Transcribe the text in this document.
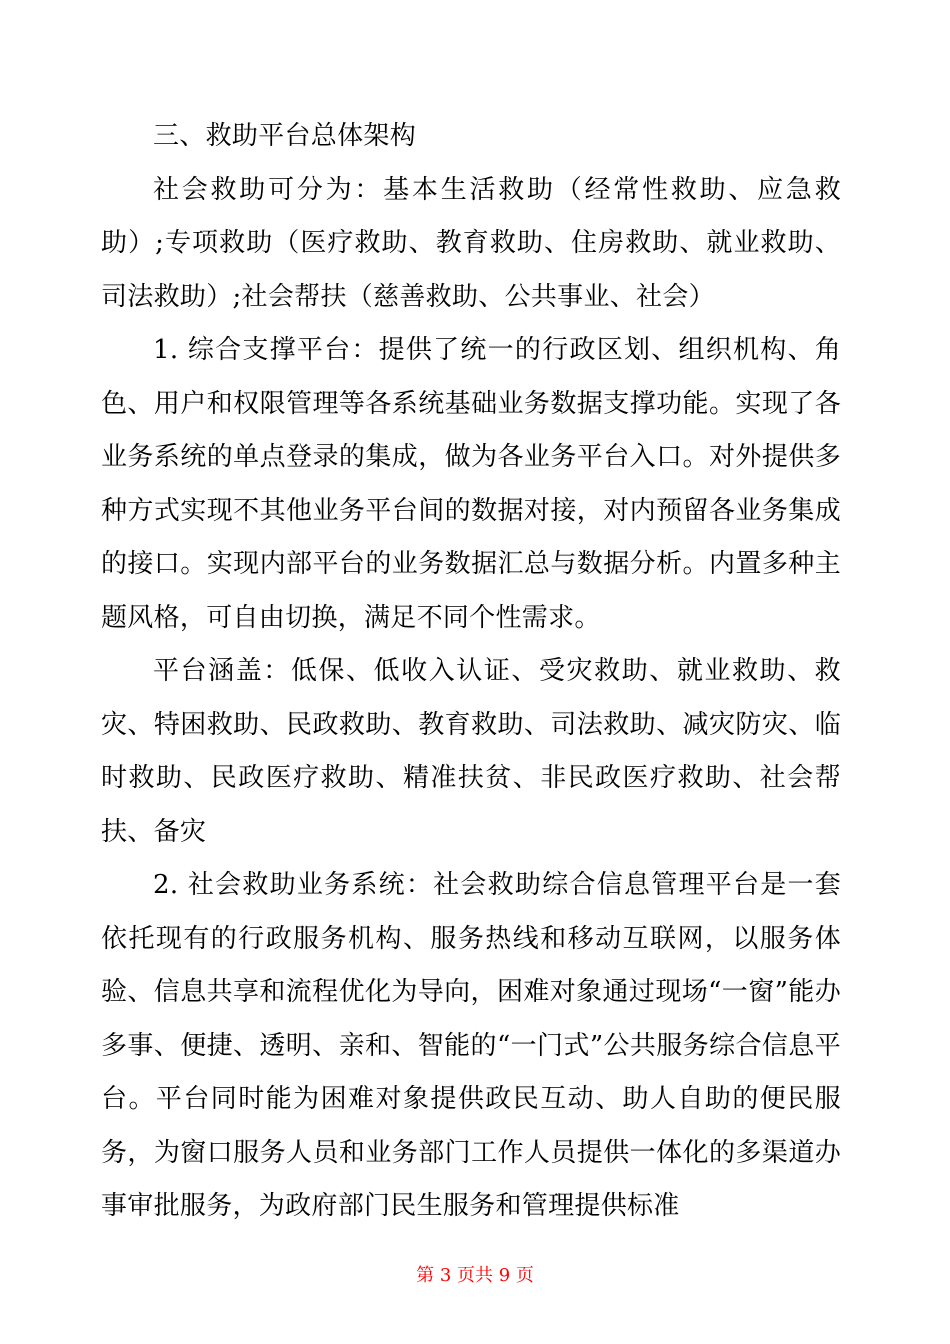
三、救助平台总体架构

社会救助可分为：基本生活救助（经常性救助、应急救助）;专项救助（医疗救助、教育救助、住房救助、就业救助、司法救助）;社会帮扶（慈善救助、公共事业、社会）

1. 综合支撑平台：提供了统一的行政区划、组织机构、角色、用户和权限管理等各系统基础业务数据支撑功能。实现了各业务系统的单点登录的集成，做为各业务平台入口。对外提供多种方式实现不其他业务平台间的数据对接，对内预留各业务集成的接口。实现内部平台的业务数据汇总与数据分析。内置多种主题风格，可自由切换，满足不同个性需求。

平台涵盖：低保、低收入认证、受灾救助、就业救助、救灾、特困救助、民政救助、教育救助、司法救助、减灾防灾、临时救助、民政医疗救助、精准扶贫、非民政医疗救助、社会帮扶、备灾

2. 社会救助业务系统：社会救助综合信息管理平台是一套依托现有的行政服务机构、服务热线和移动互联网，以服务体验、信息共享和流程优化为导向，困难对象通过现场“一窗”能办多事、便捷、透明、亲和、智能的“一门式”公共服务综合信息平台。平台同时能为困难对象提供政民互动、助人自助的便民服务，为窗口服务人员和业务部门工作人员提供一体化的多渠道办事审批服务，为政府部门民生服务和管理提供标准

第 3 页共 9 页
